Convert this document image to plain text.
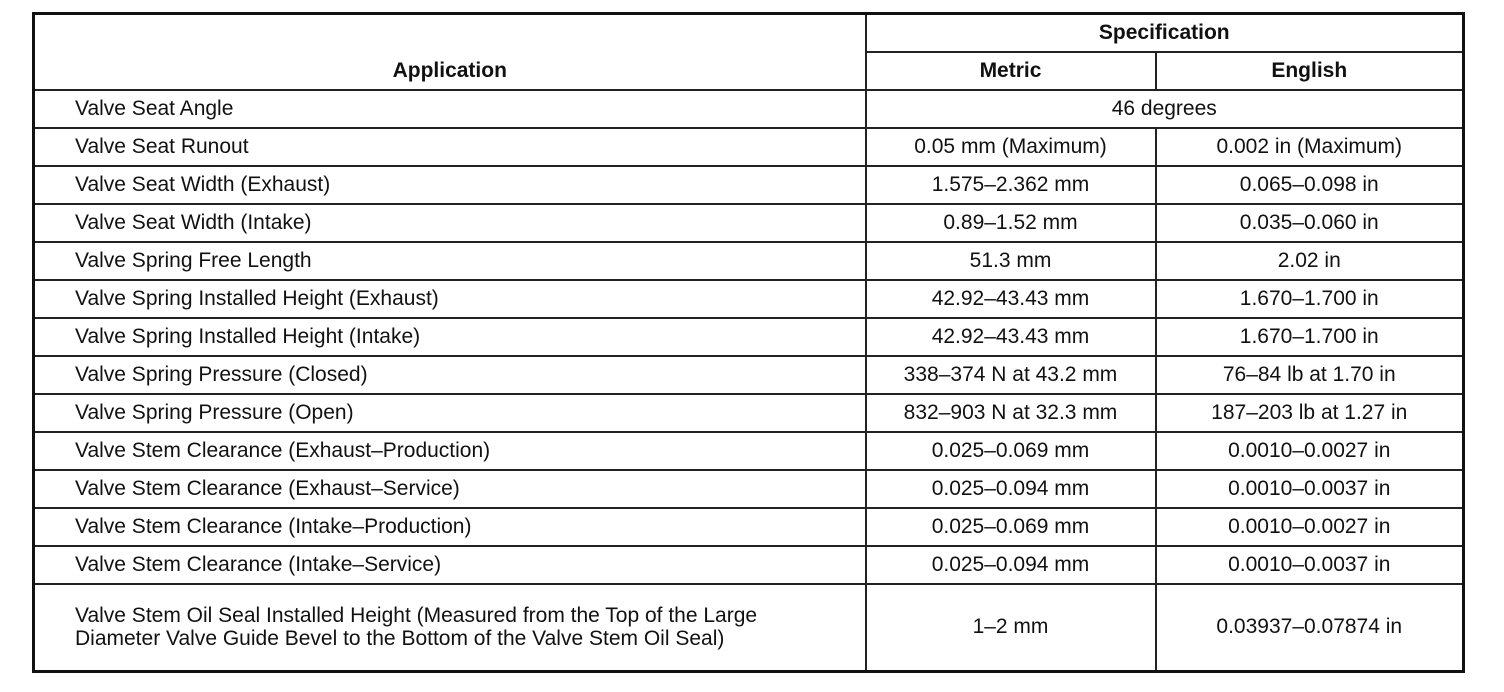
Application	Specification	
	Metric	English
Valve Seat Angle	46 degrees	
Valve Seat Runout	0.05 mm (Maximum)	0.002 in (Maximum)
Valve Seat Width (Exhaust)	1.575–2.362 mm	0.065–0.098 in
Valve Seat Width (Intake)	0.89–1.52 mm	0.035–0.060 in
Valve Spring Free Length	51.3 mm	2.02 in
Valve Spring Installed Height (Exhaust)	42.92–43.43 mm	1.670–1.700 in
Valve Spring Installed Height (Intake)	42.92–43.43 mm	1.670–1.700 in
Valve Spring Pressure (Closed)	338–374 N at 43.2 mm	76–84 lb at 1.70 in
Valve Spring Pressure (Open)	832–903 N at 32.3 mm	187–203 lb at 1.27 in
Valve Stem Clearance (Exhaust–Production)	0.025–0.069 mm	0.0010–0.0027 in
Valve Stem Clearance (Exhaust–Service)	0.025–0.094 mm	0.0010–0.0037 in
Valve Stem Clearance (Intake–Production)	0.025–0.069 mm	0.0010–0.0027 in
Valve Stem Clearance (Intake–Service)	0.025–0.094 mm	0.0010–0.0037 in
Valve Stem Oil Seal Installed Height (Measured from the Top of the Large Diameter Valve Guide Bevel to the Bottom of the Valve Stem Oil Seal)	1–2 mm	0.03937–0.07874 in
